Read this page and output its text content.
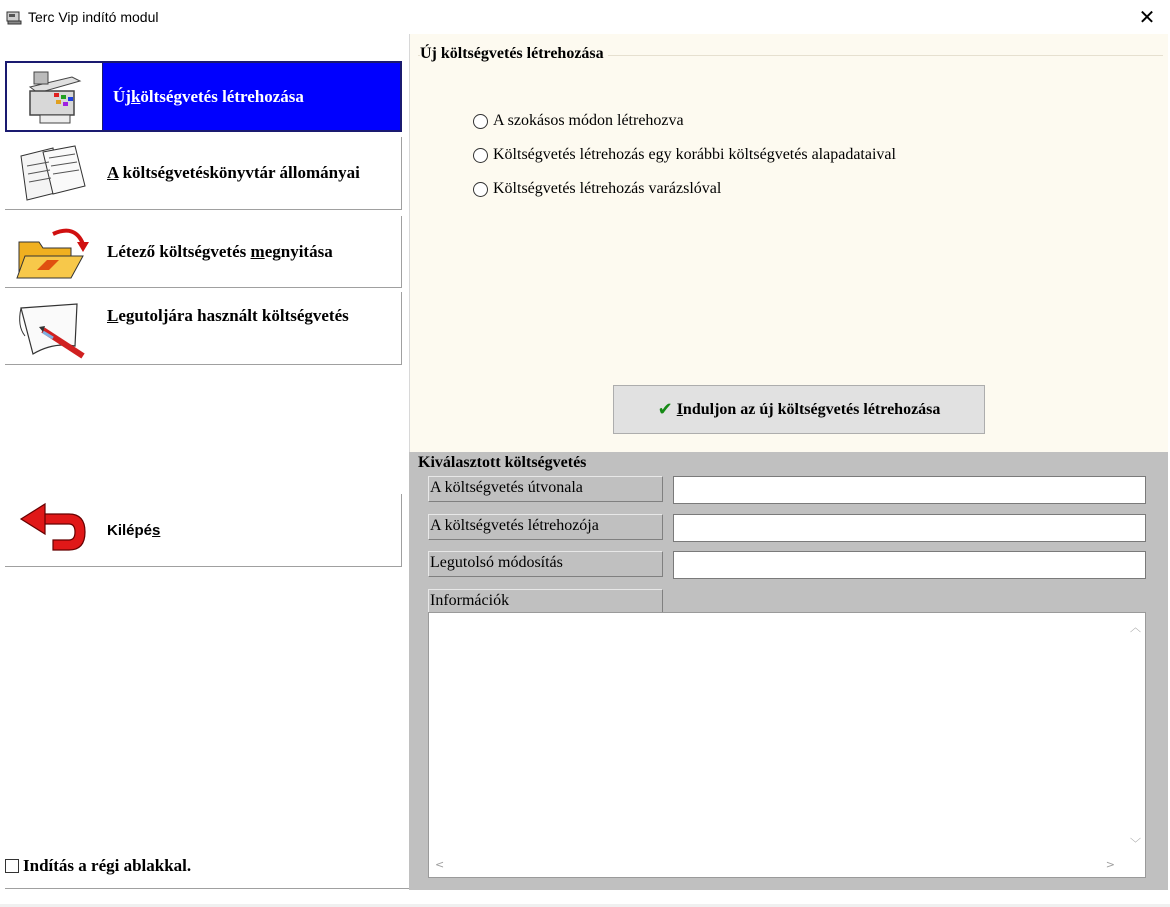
Terc Vip indító modul	✕
Új k öltségvetés létrehozása
A költségvetéskönyvtár állományai
Létező költségvetés megnyitása
Legutoljára használt költségvetés
Kilépés
Indítás a régi ablakkal.
Új költségvetés létrehozása
A szokásos módon létrehozva
Költségvetés létrehozás egy korábbi költségvetés alapadataival
Költségvetés létrehozás varázslóval
✔ Induljon az új költségvetés létrehozása
Kiválasztott költségvetés
A költségvetés útvonala
A költségvetés létrehozója
Legutolsó módosítás
Információk
︿
﹀
<	>
